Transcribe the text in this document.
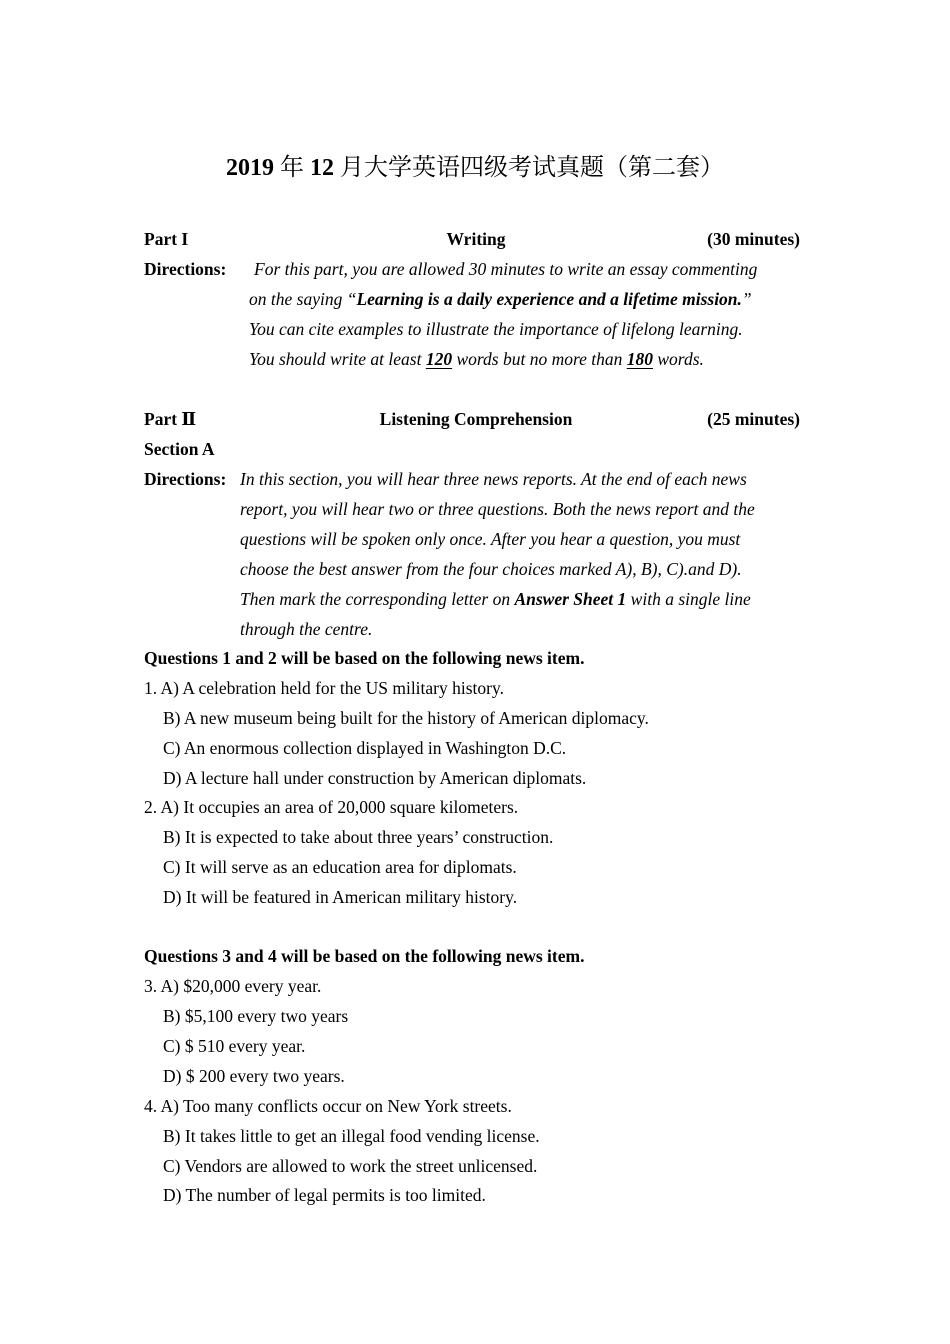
2019 年 12 月大学英语四级考试真题（第二套）
Part I	Writing	(30 minutes)
Directions: For this part, you are allowed 30 minutes to write an essay commenting
on the saying “Learning is a daily experience and a lifetime mission.”
You can cite examples to illustrate the importance of lifelong learning.
You should write at least 120 words but no more than 180 words.
Part Ⅱ	Listening Comprehension	(25 minutes)
Section A
Directions: In this section, you will hear three news reports. At the end of each news
report, you will hear two or three questions. Both the news report and the
questions will be spoken only once. After you hear a question, you must
choose the best answer from the four choices marked A), B), C).and D).
Then mark the corresponding letter on Answer Sheet 1 with a single line
through the centre.
Questions 1 and 2 will be based on the following news item.
1. A) A celebration held for the US military history.
B) A new museum being built for the history of American diplomacy.
C) An enormous collection displayed in Washington D.C.
D) A lecture hall under construction by American diplomats.
2. A) It occupies an area of 20,000 square kilometers.
B) It is expected to take about three years’ construction.
C) It will serve as an education area for diplomats.
D) It will be featured in American military history.
Questions 3 and 4 will be based on the following news item.
3. A) $20,000 every year.
B) $5,100 every two years
C) $ 510 every year.
D) $ 200 every two years.
4. A) Too many conflicts occur on New York streets.
B) It takes little to get an illegal food vending license.
C) Vendors are allowed to work the street unlicensed.
D) The number of legal permits is too limited.
